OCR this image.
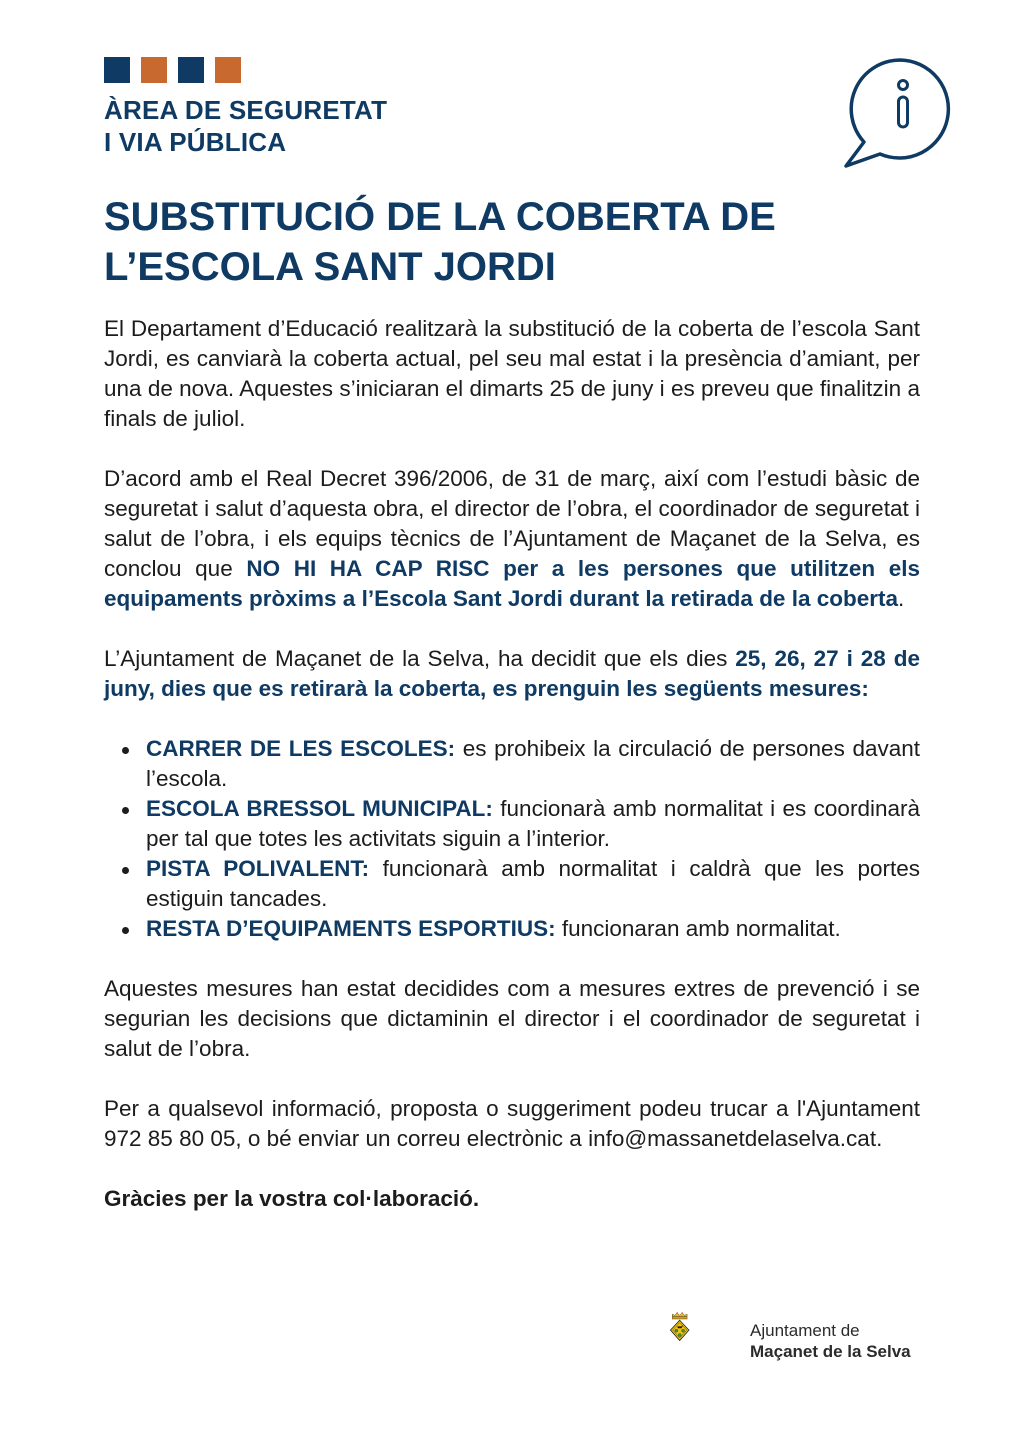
ÀREA DE SEGURETAT
I VIA PÚBLICA
SUBSTITUCIÓ DE LA COBERTA DE
L’ESCOLA SANT JORDI

El Departament d’Educació realitzarà la substitució de la coberta de l’escola Sant Jordi, es canviarà la coberta actual, pel seu mal estat i la presència d’amiant, per una de nova. Aquestes s’iniciaran el dimarts 25 de juny i es preveu que finalitzin a finals de juliol.

D’acord amb el Real Decret 396/2006, de 31 de març, així com l’estudi bàsic de seguretat i salut d’aquesta obra, el director de l’obra, el coordinador de seguretat i salut de l’obra, i els equips tècnics de l’Ajuntament de Maçanet de la Selva, es conclou que NO HI HA CAP RISC per a les persones que utilitzen els equipaments pròxims a l’Escola Sant Jordi durant la retirada de la coberta.

L’Ajuntament de Maçanet de la Selva, ha decidit que els dies 25, 26, 27 i 28 de juny, dies que es retirarà la coberta, es prenguin les següents mesures:

CARRER DE LES ESCOLES: es prohibeix la circulació de persones davant l’escola.
ESCOLA BRESSOL MUNICIPAL: funcionarà amb normalitat i es coordinarà per tal que totes les activitats siguin a l’interior.
PISTA POLIVALENT: funcionarà amb normalitat i caldrà que les portes estiguin tancades.
RESTA D’EQUIPAMENTS ESPORTIUS: funcionaran amb normalitat.

Aquestes mesures han estat decidides com a mesures extres de prevenció i se segurian les decisions que dictaminin el director i el coordinador de seguretat i salut de l’obra.

Per a qualsevol informació, proposta o suggeriment podeu trucar a l'Ajuntament 972 85 80 05, o bé enviar un correu electrònic a info@massanetdelaselva.cat.

Gràcies per la vostra col·laboració.

Ajuntament de
Maçanet de la Selva
